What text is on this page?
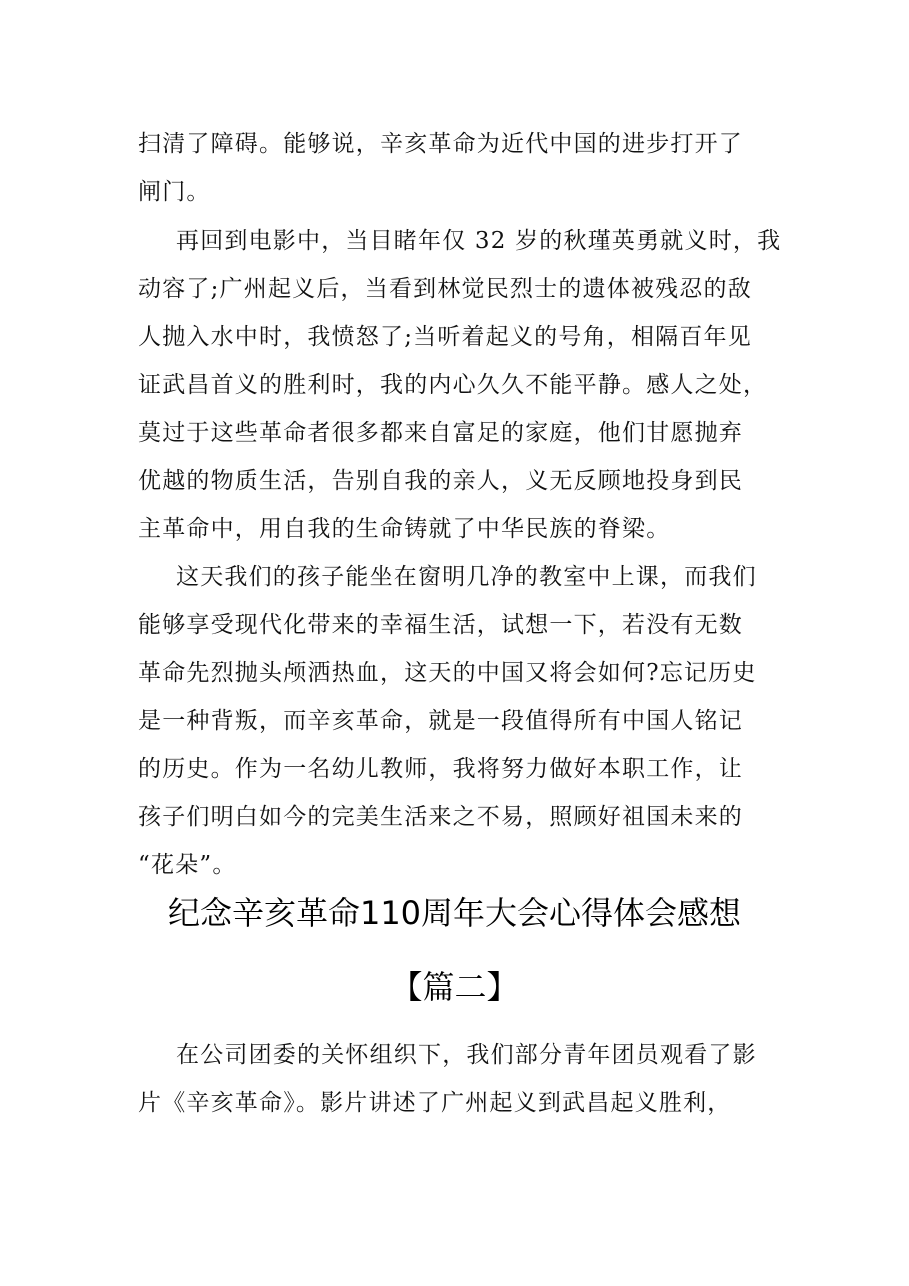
扫清了障碍。能够说，辛亥革命为近代中国的进步打开了
闸门。
再回到电影中，当目睹年仅 32 岁的秋瑾英勇就义时，我
动容了;广州起义后，当看到林觉民烈士的遗体被残忍的敌
人抛入水中时，我愤怒了;当听着起义的号角，相隔百年见
证武昌首义的胜利时，我的内心久久不能平静。感人之处，
莫过于这些革命者很多都来自富足的家庭，他们甘愿抛弃
优越的物质生活，告别自我的亲人，义无反顾地投身到民
主革命中，用自我的生命铸就了中华民族的脊梁。
这天我们的孩子能坐在窗明几净的教室中上课，而我们
能够享受现代化带来的幸福生活，试想一下，若没有无数
革命先烈抛头颅洒热血，这天的中国又将会如何?忘记历史
是一种背叛，而辛亥革命，就是一段值得所有中国人铭记
的历史。作为一名幼儿教师，我将努力做好本职工作，让
孩子们明白如今的完美生活来之不易，照顾好祖国未来的
“花朵”。
纪念辛亥革命110周年大会心得体会感想
【篇二】
在公司团委的关怀组织下，我们部分青年团员观看了影
片《辛亥革命》。影片讲述了广州起义到武昌起义胜利，
